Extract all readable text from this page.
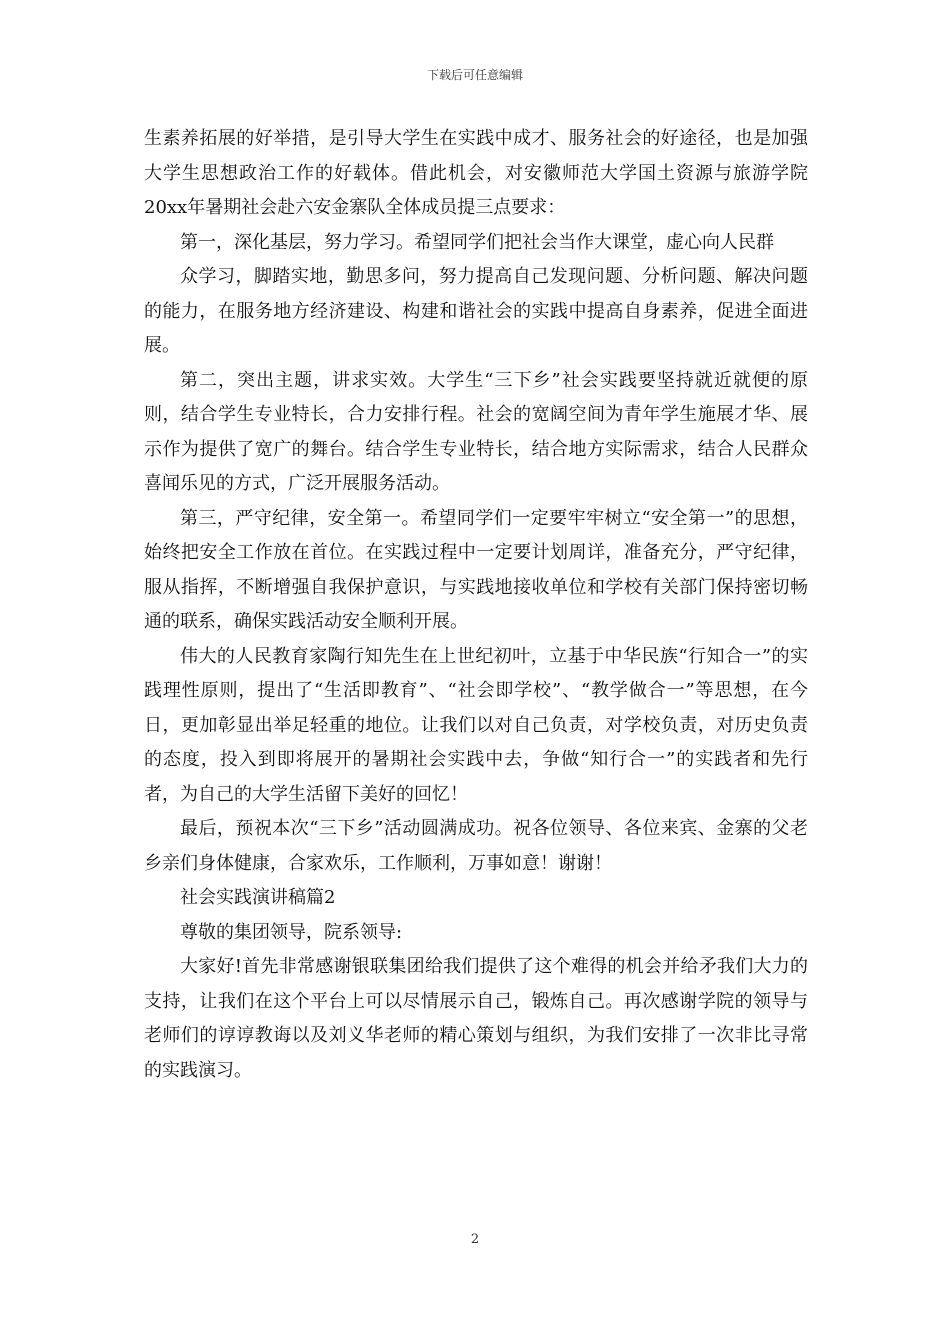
下载后可任意编辑

生素养拓展的好举措，是引导大学生在实践中成才、服务社会的好途径，也是加强大学生思想政治工作的好载体。借此机会，对安徽师范大学国土资源与旅游学院20xx年暑期社会赴六安金寨队全体成员提三点要求：

第一，深化基层，努力学习。希望同学们把社会当作大课堂，虚心向人民群

众学习，脚踏实地，勤思多问，努力提高自己发现问题、分析问题、解决问题的能力，在服务地方经济建设、构建和谐社会的实践中提高自身素养，促进全面进展。

第二，突出主题，讲求实效。大学生“三下乡”社会实践要坚持就近就便的原则，结合学生专业特长，合力安排行程。社会的宽阔空间为青年学生施展才华、展示作为提供了宽广的舞台。结合学生专业特长，结合地方实际需求，结合人民群众喜闻乐见的方式，广泛开展服务活动。

第三，严守纪律，安全第一。希望同学们一定要牢牢树立“安全第一”的思想，始终把安全工作放在首位。在实践过程中一定要计划周详，准备充分，严守纪律，服从指挥，不断增强自我保护意识，与实践地接收单位和学校有关部门保持密切畅通的联系，确保实践活动安全顺利开展。

伟大的人民教育家陶行知先生在上世纪初叶，立基于中华民族“行知合一”的实践理性原则，提出了“生活即教育”、“社会即学校”、“教学做合一”等思想，在今日，更加彰显出举足轻重的地位。让我们以对自己负责，对学校负责，对历史负责的态度，投入到即将展开的暑期社会实践中去，争做“知行合一”的实践者和先行者，为自己的大学生活留下美好的回忆！

最后，预祝本次“三下乡”活动圆满成功。祝各位领导、各位来宾、金寨的父老乡亲们身体健康，合家欢乐，工作顺利，万事如意！谢谢！

社会实践演讲稿篇2

尊敬的集团领导，院系领导:

大家好!首先非常感谢银联集团给我们提供了这个难得的机会并给矛我们大力的支持，让我们在这个平台上可以尽情展示自己，锻炼自己。再次感谢学院的领导与老师们的谆谆教诲以及刘义华老师的精心策划与组织，为我们安排了一次非比寻常的实践演习。

2
